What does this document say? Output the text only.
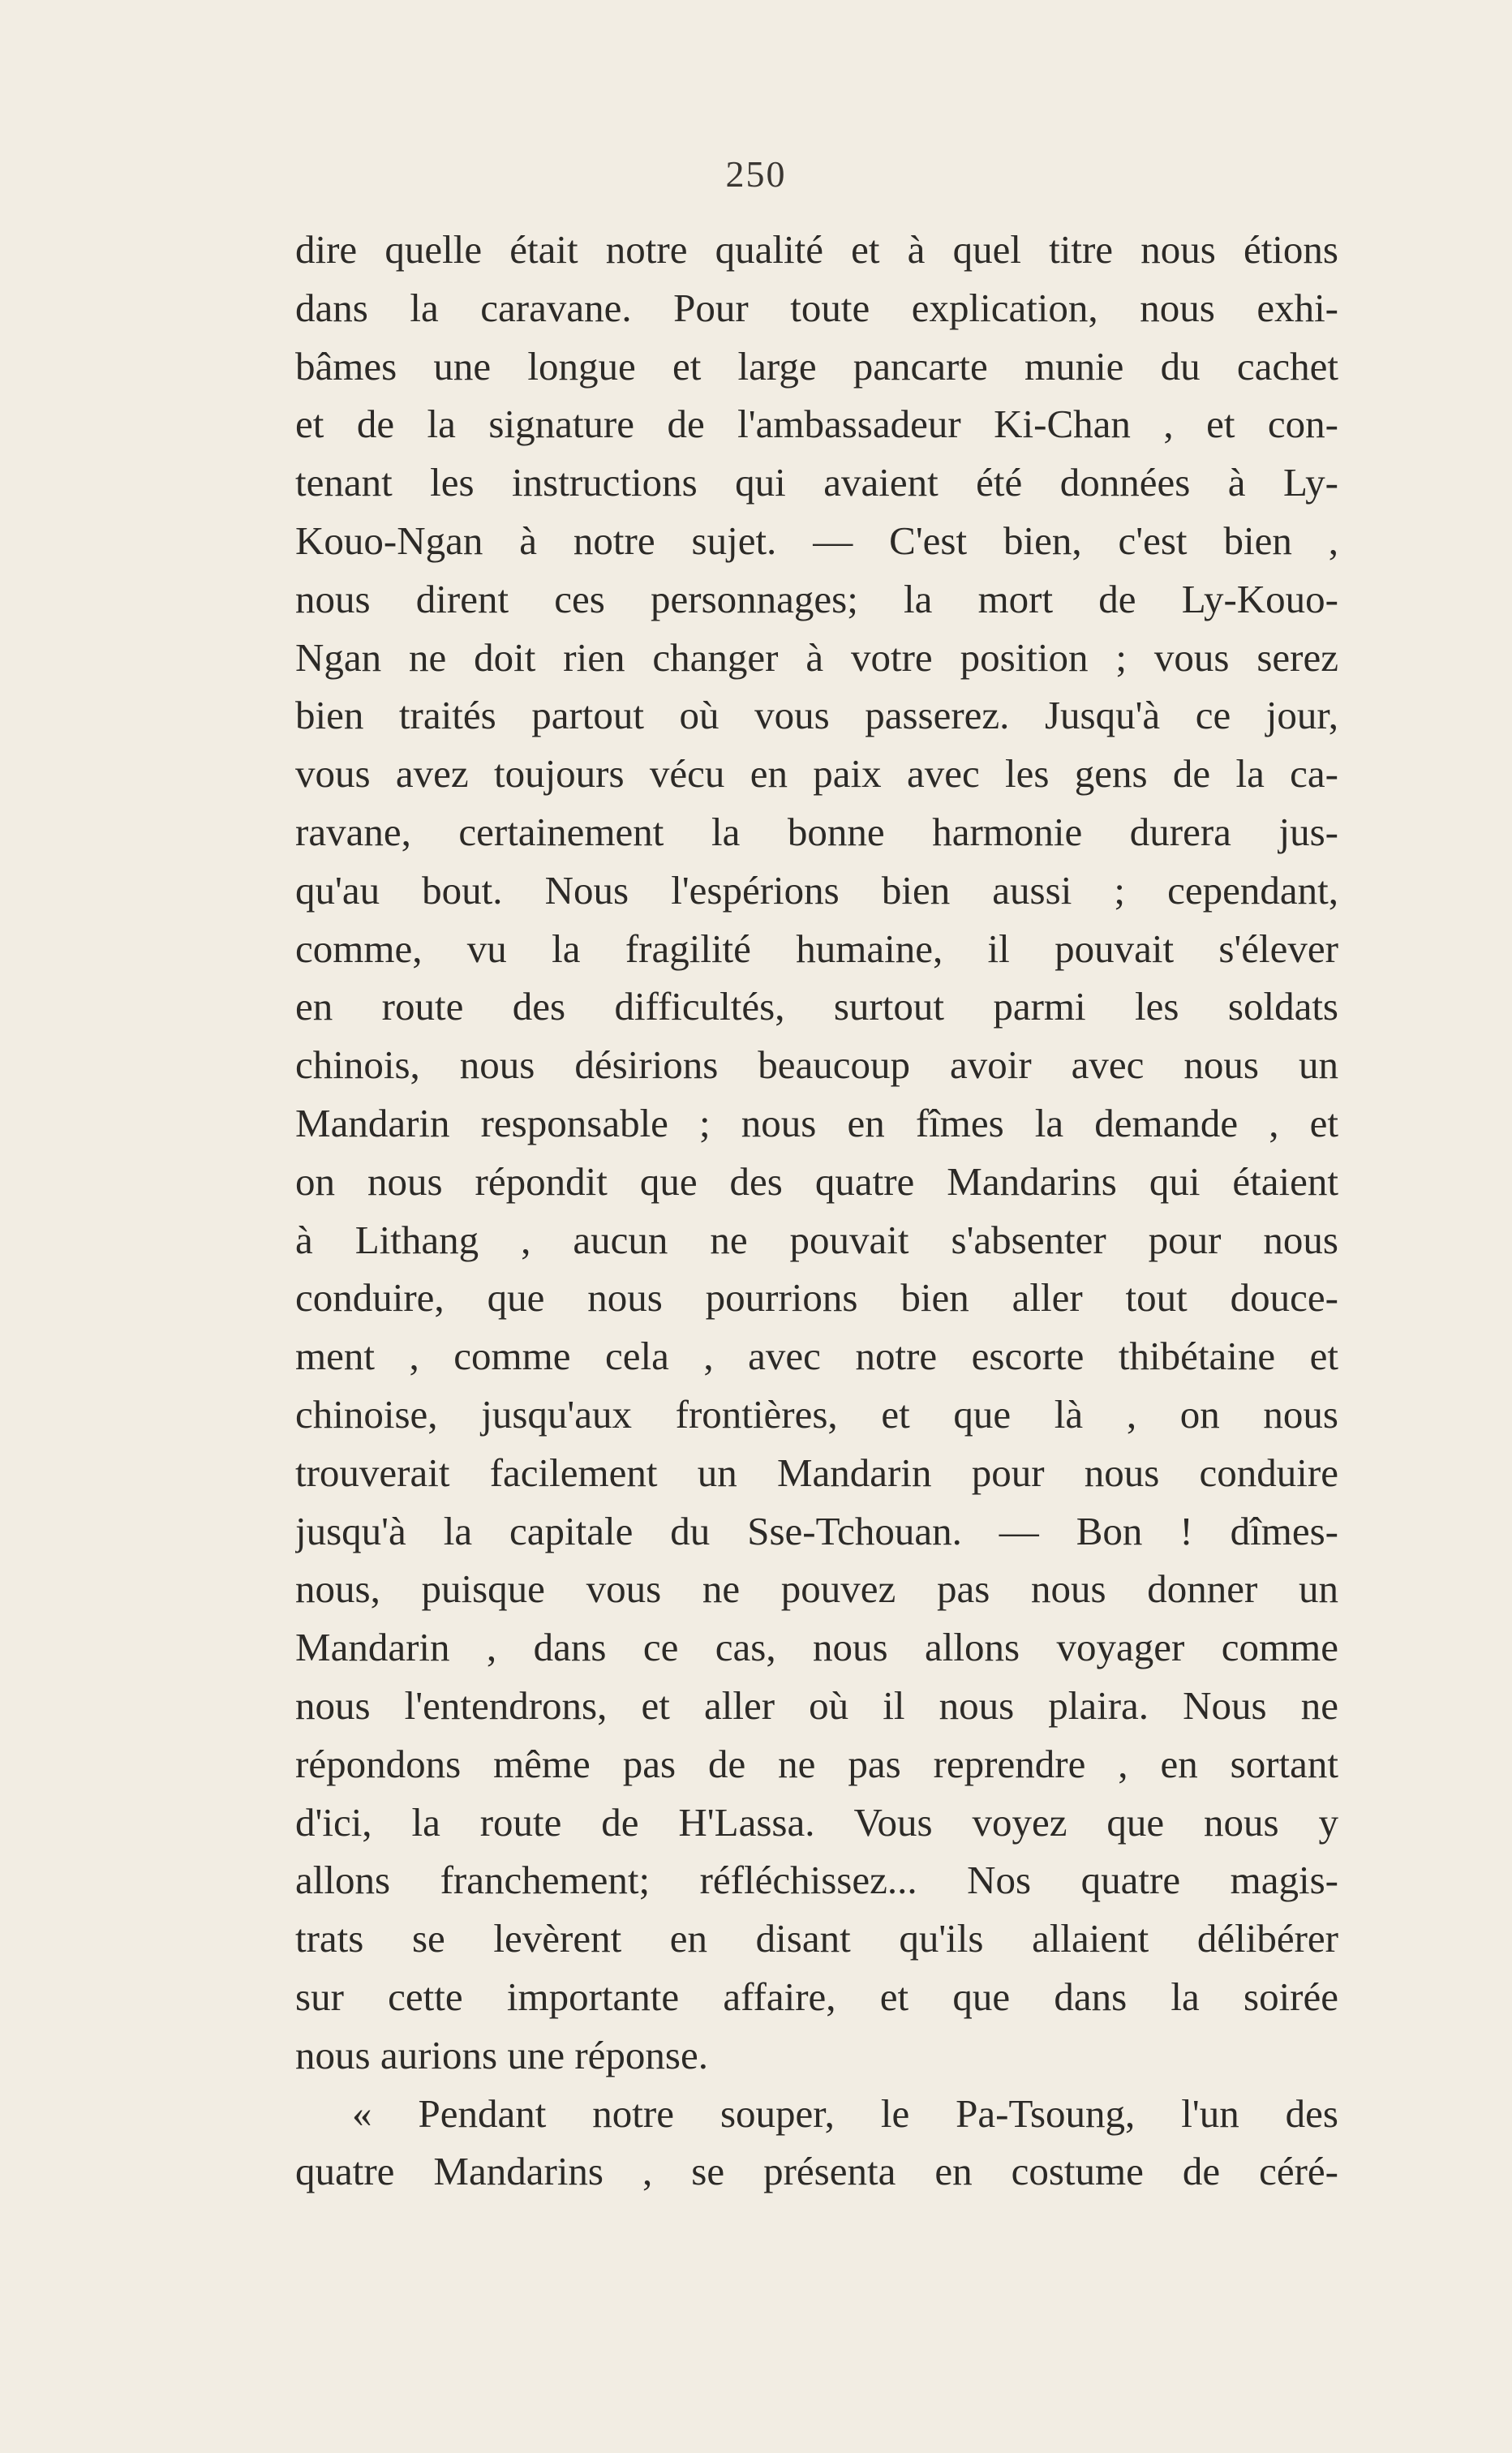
250
dire quelle était notre qualité et à quel titre nous étions
dans la caravane. Pour toute explication, nous exhi-
bâmes une longue et large pancarte munie du cachet
et de la signature de l'ambassadeur Ki-Chan , et con-
tenant les instructions qui avaient été données à Ly-
Kouo-Ngan à notre sujet. — C'est bien, c'est bien ,
nous dirent ces personnages; la mort de Ly-Kouo-
Ngan ne doit rien changer à votre position ; vous serez
bien traités partout où vous passerez. Jusqu'à ce jour,
vous avez toujours vécu en paix avec les gens de la ca-
ravane, certainement la bonne harmonie durera jus-
qu'au bout. Nous l'espérions bien aussi ; cependant,
comme, vu la fragilité humaine, il pouvait s'élever
en route des difficultés, surtout parmi les soldats
chinois, nous désirions beaucoup avoir avec nous un
Mandarin responsable ; nous en fîmes la demande , et
on nous répondit que des quatre Mandarins qui étaient
à Lithang , aucun ne pouvait s'absenter pour nous
conduire, que nous pourrions bien aller tout douce-
ment , comme cela , avec notre escorte thibétaine et
chinoise, jusqu'aux frontières, et que là , on nous
trouverait facilement un Mandarin pour nous conduire
jusqu'à la capitale du Sse-Tchouan. — Bon ! dîmes-
nous, puisque vous ne pouvez pas nous donner un
Mandarin , dans ce cas, nous allons voyager comme
nous l'entendrons, et aller où il nous plaira. Nous ne
répondons même pas de ne pas reprendre , en sortant
d'ici, la route de H'Lassa. Vous voyez que nous y
allons franchement; réfléchissez... Nos quatre magis-
trats se levèrent en disant qu'ils allaient délibérer
sur cette importante affaire, et que dans la soirée
nous aurions une réponse.
« Pendant notre souper, le Pa-Tsoung, l'un des
quatre Mandarins , se présenta en costume de céré-
